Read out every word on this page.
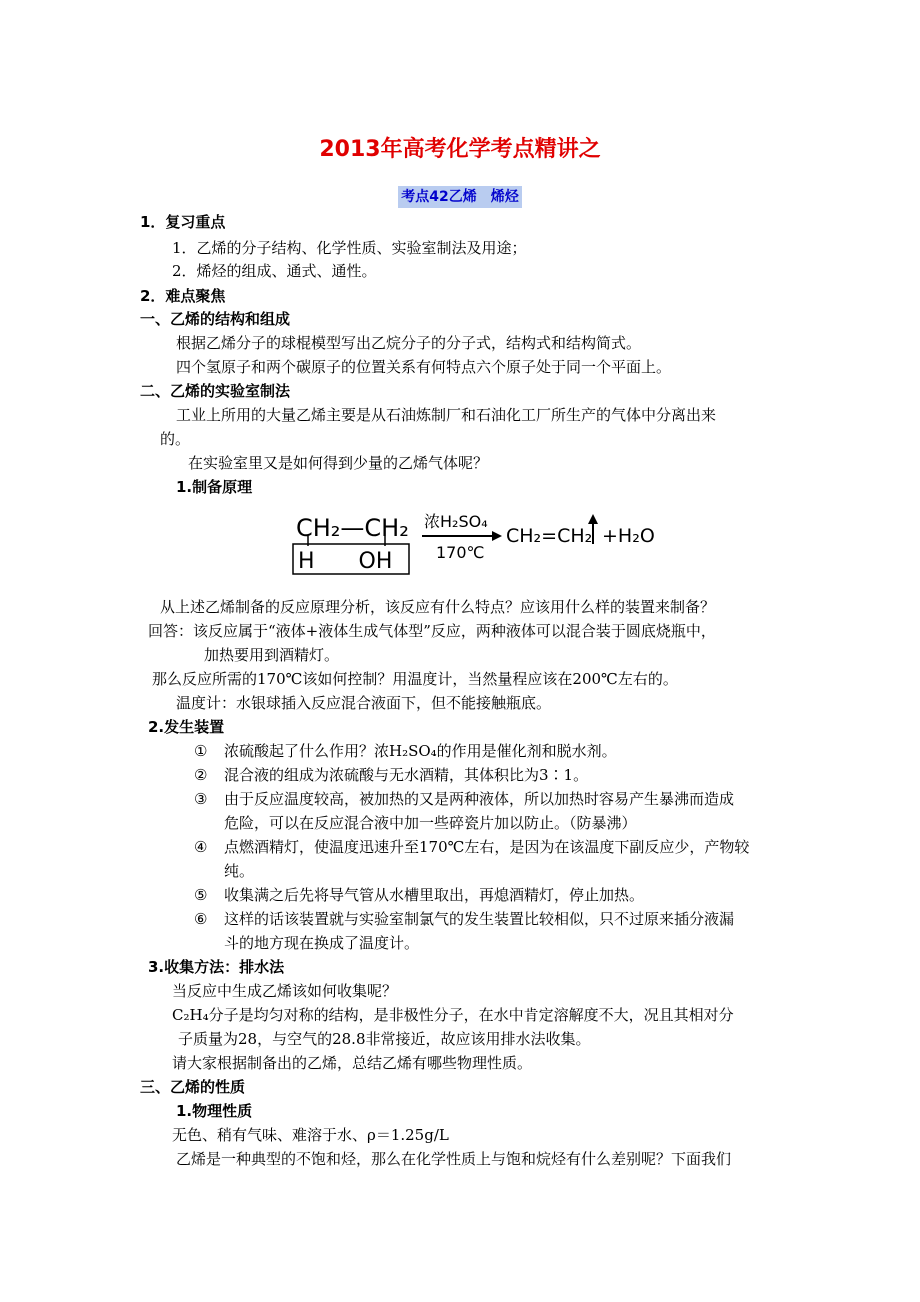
2013年高考化学考点精讲之
考点42乙烯　烯烃
1．复习重点
1．乙烯的分子结构、化学性质、实验室制法及用途；
2．烯烃的组成、通式、通性。
2．难点聚焦
一、乙烯的结构和组成
根据乙烯分子的球棍模型写出乙烷分子的分子式，结构式和结构简式。
四个氢原子和两个碳原子的位置关系有何特点六个原子处于同一个平面上。
二、乙烯的实验室制法
工业上所用的大量乙烯主要是从石油炼制厂和石油化工厂所生产的气体中分离出来
的。
在实验室里又是如何得到少量的乙烯气体呢？
1.制备原理
CH₂—CH₂
H　　OH
浓H₂SO₄
170℃
CH₂=CH₂ +H₂O
从上述乙烯制备的反应原理分析，该反应有什么特点？应该用什么样的装置来制备？
回答：该反应属于“液体+液体生成气体型”反应，两种液体可以混合装于圆底烧瓶中，
加热要用到酒精灯。
那么反应所需的170℃该如何控制？用温度计，当然量程应该在200℃左右的。
温度计：水银球插入反应混合液面下，但不能接触瓶底。
2.发生装置
① 浓硫酸起了什么作用？浓H₂SO₄的作用是催化剂和脱水剂。
② 混合液的组成为浓硫酸与无水酒精，其体积比为3∶1。
③ 由于反应温度较高，被加热的又是两种液体，所以加热时容易产生暴沸而造成
危险，可以在反应混合液中加一些碎瓷片加以防止。（防暴沸）
④ 点燃酒精灯，使温度迅速升至170℃左右，是因为在该温度下副反应少，产物较
纯。
⑤ 收集满之后先将导气管从水槽里取出，再熄酒精灯，停止加热。
⑥ 这样的话该装置就与实验室制氯气的发生装置比较相似，只不过原来插分液漏
斗的地方现在换成了温度计。
3.收集方法：排水法
当反应中生成乙烯该如何收集呢？
C₂H₄分子是均匀对称的结构，是非极性分子，在水中肯定溶解度不大，况且其相对分
子质量为28，与空气的28.8非常接近，故应该用排水法收集。
请大家根据制备出的乙烯，总结乙烯有哪些物理性质。
三、乙烯的性质
1.物理性质
无色、稍有气味、难溶于水、ρ＝1.25g/L
乙烯是一种典型的不饱和烃，那么在化学性质上与饱和烷烃有什么差别呢？下面我们
